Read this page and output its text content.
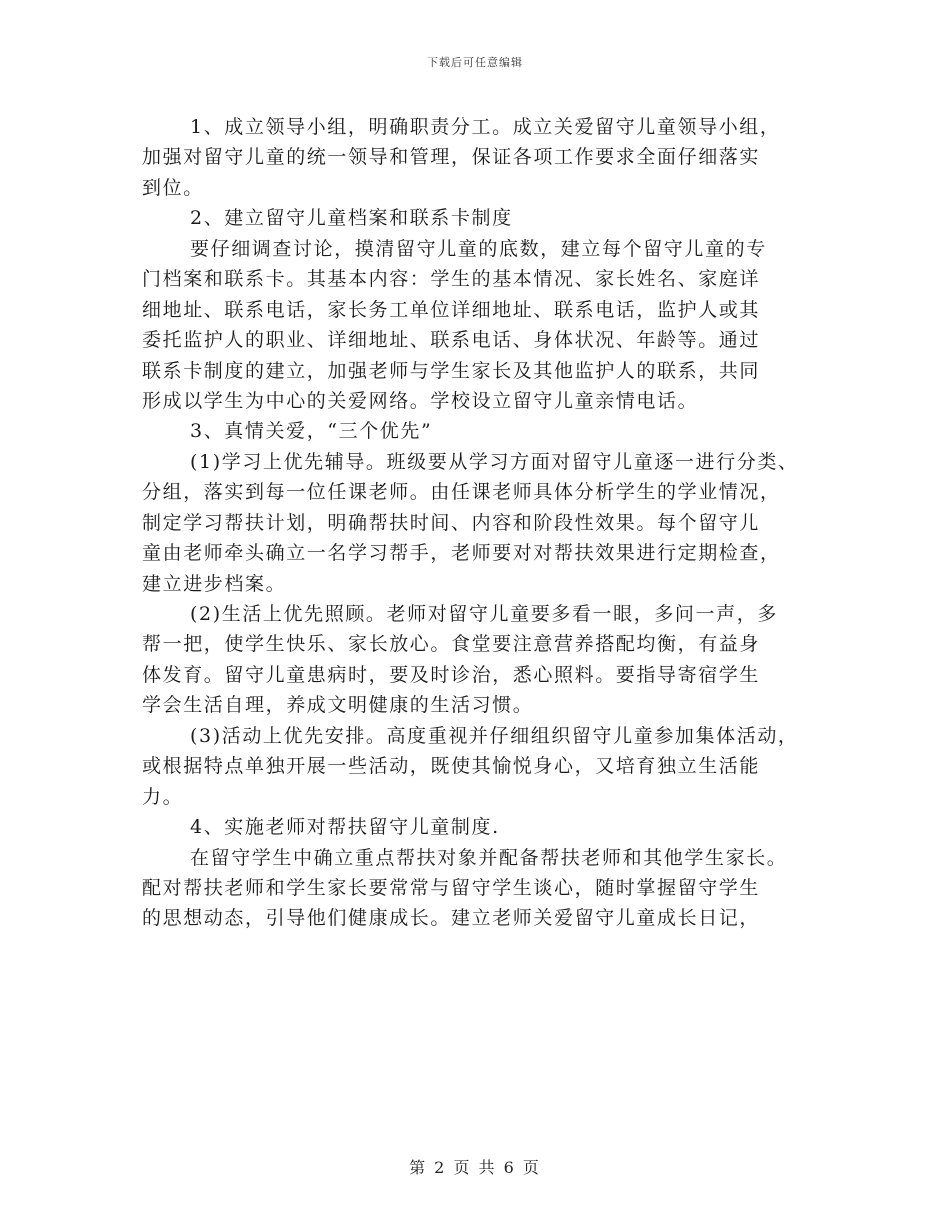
下载后可任意编辑
1、成立领导小组，明确职责分工。成立关爱留守儿童领导小组，
加强对留守儿童的统一领导和管理，保证各项工作要求全面仔细落实
到位。
2、建立留守儿童档案和联系卡制度
要仔细调查讨论，摸清留守儿童的底数，建立每个留守儿童的专
门档案和联系卡。其基本内容：学生的基本情况、家长姓名、家庭详
细地址、联系电话，家长务工单位详细地址、联系电话，监护人或其
委托监护人的职业、详细地址、联系电话、身体状况、年龄等。通过
联系卡制度的建立，加强老师与学生家长及其他监护人的联系，共同
形成以学生为中心的关爱网络。学校设立留守儿童亲情电话。
3、真情关爱，“三个优先”
(1)学习上优先辅导。班级要从学习方面对留守儿童逐一进行分类、
分组，落实到每一位任课老师。由任课老师具体分析学生的学业情况，
制定学习帮扶计划，明确帮扶时间、内容和阶段性效果。每个留守儿
童由老师牵头确立一名学习帮手，老师要对对帮扶效果进行定期检查，
建立进步档案。
(2)生活上优先照顾。老师对留守儿童要多看一眼，多问一声，多
帮一把，使学生快乐、家长放心。食堂要注意营养搭配均衡，有益身
体发育。留守儿童患病时，要及时诊治，悉心照料。要指导寄宿学生
学会生活自理，养成文明健康的生活习惯。
(3)活动上优先安排。高度重视并仔细组织留守儿童参加集体活动，
或根据特点单独开展一些活动，既使其愉悦身心，又培育独立生活能
力。
4、实施老师对帮扶留守儿童制度.
在留守学生中确立重点帮扶对象并配备帮扶老师和其他学生家长。
配对帮扶老师和学生家长要常常与留守学生谈心，随时掌握留守学生
的思想动态，引导他们健康成长。建立老师关爱留守儿童成长日记，
第 2 页 共 6 页
